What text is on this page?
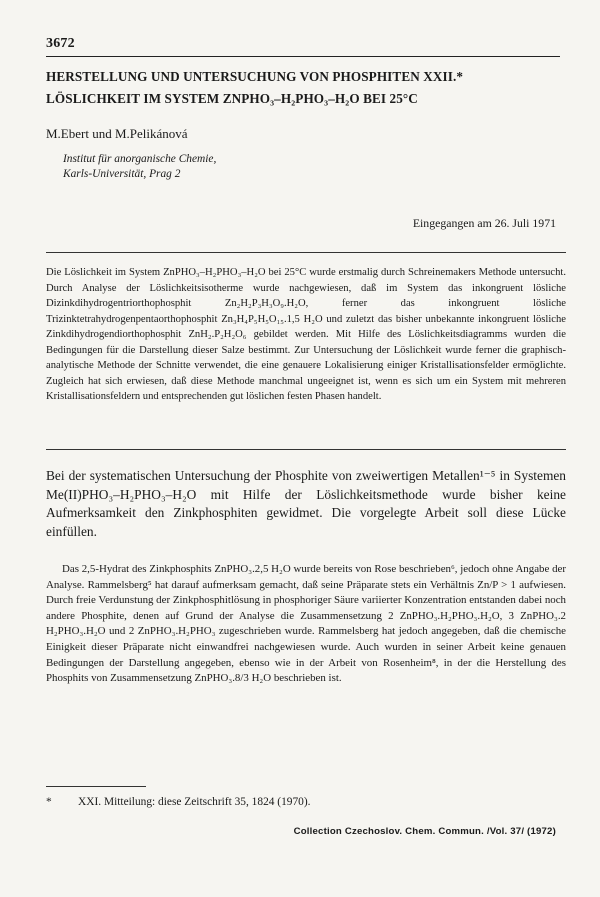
3672
HERSTELLUNG UND UNTERSUCHUNG VON PHOSPHITEN XXII.*
LÖSLICHKEIT IM SYSTEM ZNPHO₃–H₂PHO₃–H₂O BEI 25°C
M.Ebert und M.Pelikánová
Institut für anorganische Chemie,
Karls-Universität, Prag 2
Eingegangen am 26. Juli 1971

Die Löslichkeit im System ZnPHO₃–H₂PHO₃–H₂O bei 25°C wurde erstmalig durch Schreinemakers Methode untersucht. Durch Analyse der Löslichkeitsisotherme wurde nachgewiesen, daß im System das inkongruent lösliche Dizinkdihydrogentriorthophosphit Zn₂H₂P₃H₃O₉.H₂O, ferner das inkongruent lösliche Trizinktetrahydrogenpentaorthophosphit Zn₃H₄P₅H₅O₁₅.1,5 H₂O und zuletzt das bisher unbekannte inkongruent lösliche Zinkdihydrogendiorthophosphit ZnH₂.P₂H₂O₆ gebildet werden. Mit Hilfe des Löslichkeitsdiagramms wurden die Bedingungen für die Darstellung dieser Salze bestimmt. Zur Untersuchung der Löslichkeit wurde ferner die graphisch-analytische Methode der Schnitte verwendet, die eine genauere Lokalisierung einiger Kristallisationsfelder ermöglichte. Zugleich hat sich erwiesen, daß diese Methode manchmal ungeeignet ist, wenn es sich um ein System mit mehreren Kristallisationsfeldern und entsprechenden gut löslichen festen Phasen handelt.

Bei der systematischen Untersuchung der Phosphite von zweiwertigen Metallen¹⁻⁵ in Systemen Me(II)PHO₃–H₂PHO₃–H₂O mit Hilfe der Löslichkeitsmethode wurde bisher keine Aufmerksamkeit den Zinkphosphiten gewidmet. Die vorgelegte Arbeit soll diese Lücke einfüllen.

Das 2,5-Hydrat des Zinkphosphits ZnPHO₃.2,5 H₂O wurde bereits von Rose beschrieben⁶, jedoch ohne Angabe der Analyse. Rammelsberg⁵ hat darauf aufmerksam gemacht, daß seine Präparate stets ein Verhältnis Zn/P > 1 aufwiesen. Durch freie Verdunstung der Zinkphosphitlösung in phosphoriger Säure variierter Konzentration entstanden dabei noch andere Phosphite, denen auf Grund der Analyse die Zusammensetzung 2 ZnPHO₃.H₂PHO₃.H₂O, 3 ZnPHO₃.2 H₂PHO₃.H₂O und 2 ZnPHO₃.H₂PHO₃ zugeschrieben wurde. Rammelsberg hat jedoch angegeben, daß die chemische Einigkeit dieser Präparate nicht einwandfrei nachgewiesen wurde. Auch wurden in seiner Arbeit keine genauen Bedingungen der Darstellung angegeben, ebenso wie in der Arbeit von Rosenheim⁸, in der die Herstellung des Phosphits von Zusammensetzung ZnPHO₃.8/3 H₂O beschrieben ist.

* XXI. Mitteilung: diese Zeitschrift 35, 1824 (1970).
Collection Czechoslov. Chem. Commun. /Vol. 37/ (1972)
